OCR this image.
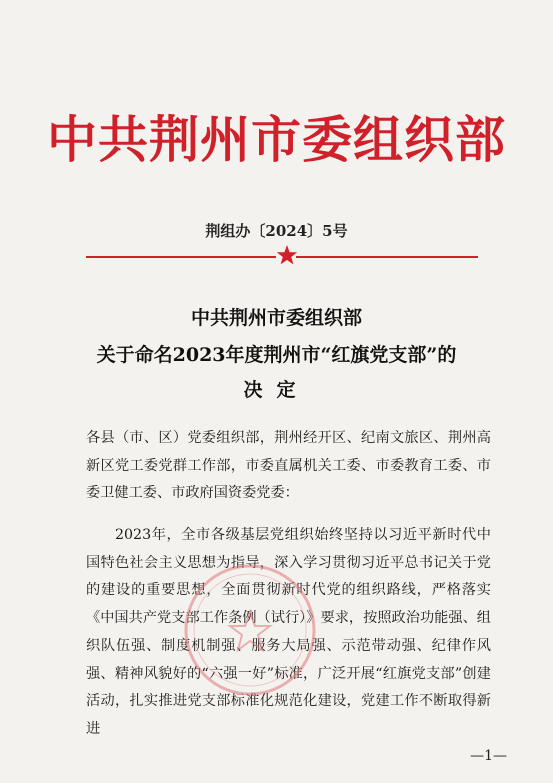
中共荆州市委组织部
荆组办〔2024〕5号
中共荆州市委组织部
关于命名2023年度荆州市“红旗党支部”的
决定
各县（市、区）党委组织部，荆州经开区、纪南文旅区、荆州高新区党工委党群工作部，市委直属机关工委、市委教育工委、市委卫健工委、市政府国资委党委：
2023年，全市各级基层党组织始终坚持以习近平新时代中国特色社会主义思想为指导，深入学习贯彻习近平总书记关于党的建设的重要思想，全面贯彻新时代党的组织路线，严格落实《中国共产党支部工作条例（试行）》要求，按照政治功能强、组织队伍强、制度机制强、服务大局强、示范带动强、纪律作风强、精神风貌好的“六强一好”标准，广泛开展“红旗党支部”创建活动，扎实推进党支部标准化规范化建设，党建工作不断取得新进
—1—
